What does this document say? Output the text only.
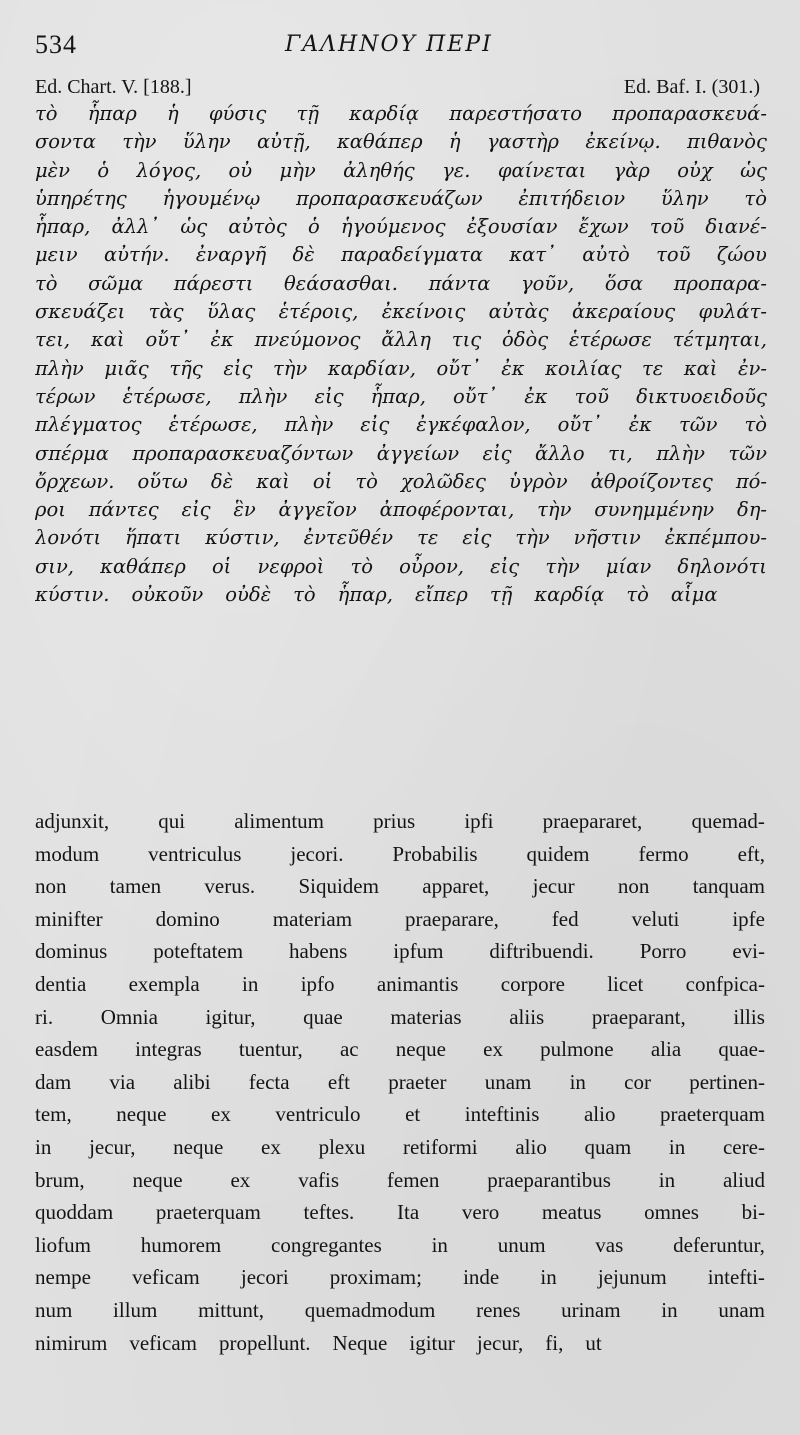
534	ΓΑΛΗΝΟΥ ΠΕΡΙ
Ed. Chart. V. [188.]	Ed. Baf. I. (301.)
τὸ ἧπαρ ἡ φύσις τῇ καρδίᾳ παρεστήσατο προπαρασκευά-
σοντα τὴν ὕλην αὐτῇ, καθάπερ ἡ γαστὴρ ἐκείνῳ. πιθανὸς
μὲν ὁ λόγος, οὐ μὴν ἀληθής γε. φαίνεται γὰρ οὐχ ὡς
ὑπηρέτης ἡγουμένῳ προπαρασκευάζων ἐπιτήδειον ὕλην τὸ
ἧπαρ, ἀλλ᾽ ὡς αὐτὸς ὁ ἡγούμενος ἐξουσίαν ἔχων τοῦ διανέ-
μειν αὐτήν. ἐναργῆ δὲ παραδείγματα κατ᾽ αὐτὸ τοῦ ζώου
τὸ σῶμα πάρεστι θεάσασθαι. πάντα γοῦν, ὅσα προπαρα-
σκευάζει τὰς ὕλας ἑτέροις, ἐκείνοις αὐτὰς ἀκεραίους φυλάτ-
τει, καὶ οὔτ᾽ ἐκ πνεύμονος ἄλλη τις ὁδὸς ἑτέρωσε τέτμηται,
πλὴν μιᾶς τῆς εἰς τὴν καρδίαν, οὔτ᾽ ἐκ κοιλίας τε καὶ ἐν-
τέρων ἑτέρωσε, πλὴν εἰς ἧπαρ, οὔτ᾽ ἐκ τοῦ δικτυοειδοῦς
πλέγματος ἑτέρωσε, πλὴν εἰς ἐγκέφαλον, οὔτ᾽ ἐκ τῶν τὸ
σπέρμα προπαρασκευαζόντων ἀγγείων εἰς ἄλλο τι, πλὴν τῶν
ὄρχεων. οὕτω δὲ καὶ οἱ τὸ χολῶδες ὑγρὸν ἀθροίζοντες πό-
ροι πάντες εἰς ἓν ἀγγεῖον ἀποφέρονται, τὴν συνημμένην δη-
λονότι ἥπατι κύστιν, ἐντεῦθέν τε εἰς τὴν νῆστιν ἐκπέμπου-
σιν, καθάπερ οἱ νεφροὶ τὸ οὖρον, εἰς τὴν μίαν δηλονότι
κύστιν. οὐκοῦν οὐδὲ τὸ ἧπαρ, εἴπερ τῇ καρδίᾳ τὸ αἷμα
adjunxit, qui alimentum prius ipfi praepararet, quemad-
modum ventriculus jecori. Probabilis quidem fermo eft,
non tamen verus. Siquidem apparet, jecur non tanquam
minifter	domino	materiam	praeparare,	fed	veluti	ipfe
dominus poteftatem habens ipfum diftribuendi. Porro evi-
dentia exempla in ipfo animantis corpore licet confpica-
ri. Omnia igitur, quae materias aliis praeparant, illis
easdem integras tuentur, ac neque ex pulmone alia quae-
dam via alibi fecta eft praeter unam in cor pertinen-
tem, neque ex ventriculo et inteftinis alio praeterquam
in jecur, neque ex plexu retiformi alio quam in cere-
brum, neque ex vafis femen praeparantibus in aliud
quoddam praeterquam teftes. Ita vero meatus omnes bi-
liofum humorem congregantes in unum vas deferuntur,
nempe veficam jecori proximam; inde in jejunum intefti-
num illum mittunt, quemadmodum renes urinam in unam
nimirum veficam propellunt. Neque igitur jecur, fi, ut
